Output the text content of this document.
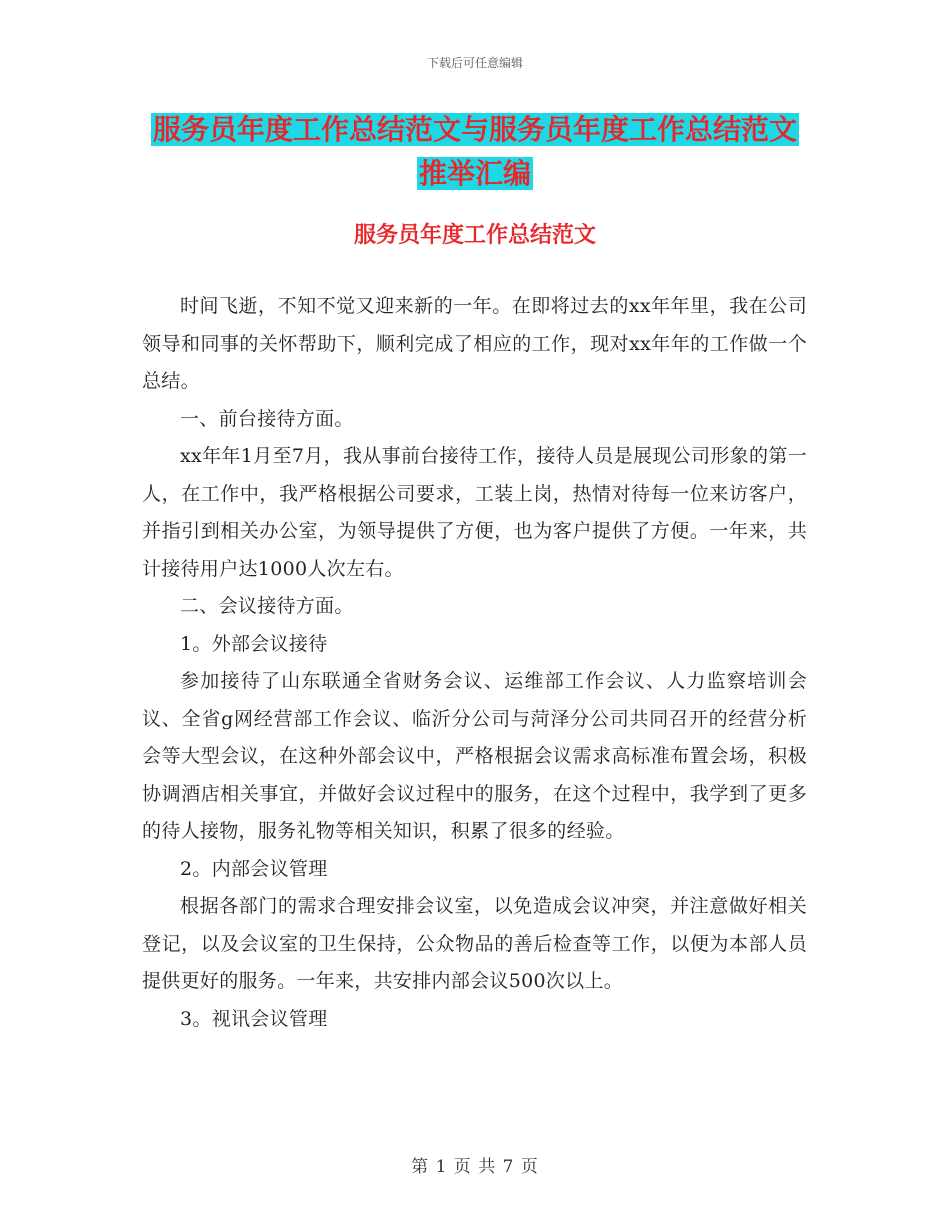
下载后可任意编辑
服务员年度工作总结范文与服务员年度工作总结范文
推举汇编
服务员年度工作总结范文

时间飞逝，不知不觉又迎来新的一年。在即将过去的xx年年里，我在公司领导和同事的关怀帮助下，顺利完成了相应的工作，现对xx年年的工作做一个总结。

一、前台接待方面。

xx年年1月至7月，我从事前台接待工作，接待人员是展现公司形象的第一人，在工作中，我严格根据公司要求，工装上岗，热情对待每一位来访客户，并指引到相关办公室，为领导提供了方便，也为客户提供了方便。一年来，共计接待用户达1000人次左右。

二、会议接待方面。

1。外部会议接待

参加接待了山东联通全省财务会议、运维部工作会议、人力监察培训会议、全省g网经营部工作会议、临沂分公司与菏泽分公司共同召开的经营分析会等大型会议，在这种外部会议中，严格根据会议需求高标准布置会场，积极协调酒店相关事宜，并做好会议过程中的服务，在这个过程中，我学到了更多的待人接物，服务礼物等相关知识，积累了很多的经验。

2。内部会议管理

根据各部门的需求合理安排会议室，以免造成会议冲突，并注意做好相关登记，以及会议室的卫生保持，公众物品的善后检查等工作，以便为本部人员提供更好的服务。一年来，共安排内部会议500次以上。

3。视讯会议管理

第 1 页 共 7 页
